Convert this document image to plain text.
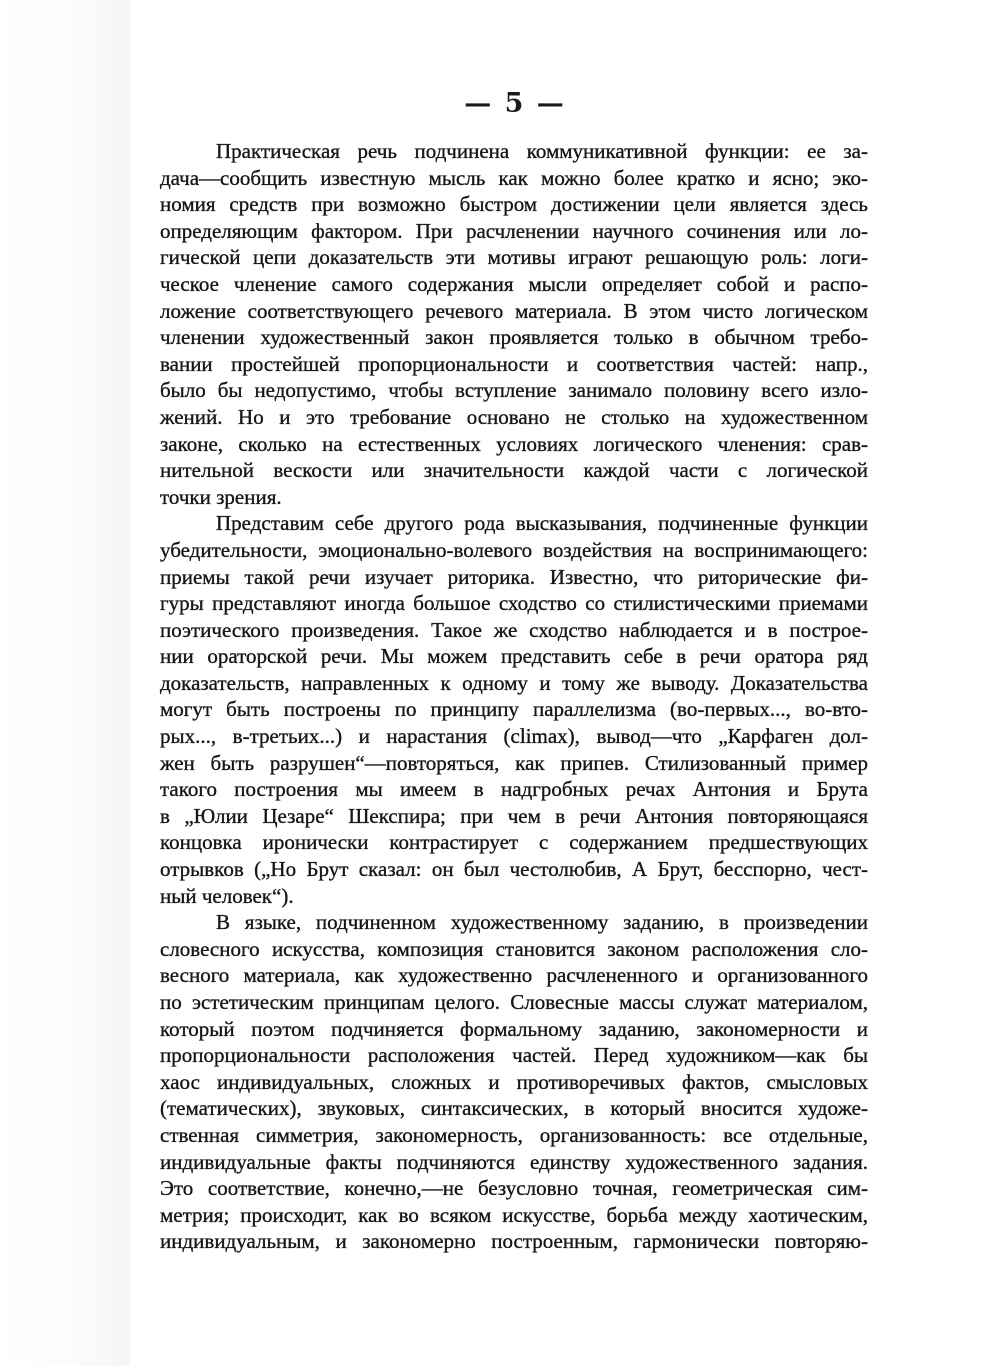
— 5 —
Практическая речь подчинена коммуникативной функции: ее за-
дача—сообщить известную мысль как можно более кратко и ясно; эко-
номия средств при возможно быстром достижении цели является здесь
определяющим фактором. При расчленении научного сочинения или ло-
гической цепи доказательств эти мотивы играют решающую роль: логи-
ческое членение самого содержания мысли определяет собой и распо-
ложение соответствующего речевого материала. В этом чисто логическом
членении художественный закон проявляется только в обычном требо-
вании простейшей пропорциональности и соответствия частей: напр.,
было бы недопустимо, чтобы вступление занимало половину всего изло-
жений. Но и это требование основано не столько на художественном
законе, сколько на естественных условиях логического членения: срав-
нительной вескости или значительности каждой части с логической
точки зрения.
Представим себе другого рода высказывания, подчиненные функции
убедительности, эмоционально-волевого воздействия на воспринимающего:
приемы такой речи изучает риторика. Известно, что риторические фи-
гуры представляют иногда большое сходство со стилистическими приемами
поэтического произведения. Такое же сходство наблюдается и в построе-
нии ораторской речи. Мы можем представить себе в речи оратора ряд
доказательств, направленных к одному и тому же выводу. Доказательства
могут быть построены по принципу параллелизма (во-первых..., во-вто-
рых..., в-третьих...) и нарастания (climax), вывод—что „Карфаген дол-
жен быть разрушен“—повторяться, как припев. Стилизованный пример
такого построения мы имеем в надгробных речах Антония и Брута
в „Юлии Цезаре“ Шекспира; при чем в речи Антония повторяющаяся
концовка иронически контрастирует с содержанием предшествующих
отрывков („Но Брут сказал: он был честолюбив, А Брут, бесспорно, чест-
ный человек“).
В языке, подчиненном художественному заданию, в произведении
словесного искусства, композиция становится законом расположения сло-
весного материала, как художественно расчлененного и организованного
по эстетическим принципам целого. Словесные массы служат материалом,
который поэтом подчиняется формальному заданию, закономерности и
пропорциональности расположения частей. Перед художником—как бы
хаос индивидуальных, сложных и противоречивых фактов, смысловых
(тематических), звуковых, синтаксических, в который вносится художе-
ственная симметрия, закономерность, организованность: все отдельные,
индивидуальные факты подчиняются единству художественного задания.
Это соответствие, конечно,—не безусловно точная, геометрическая сим-
метрия; происходит, как во всяком искусстве, борьба между хаотическим,
индивидуальным, и закономерно построенным, гармонически повторяю-
